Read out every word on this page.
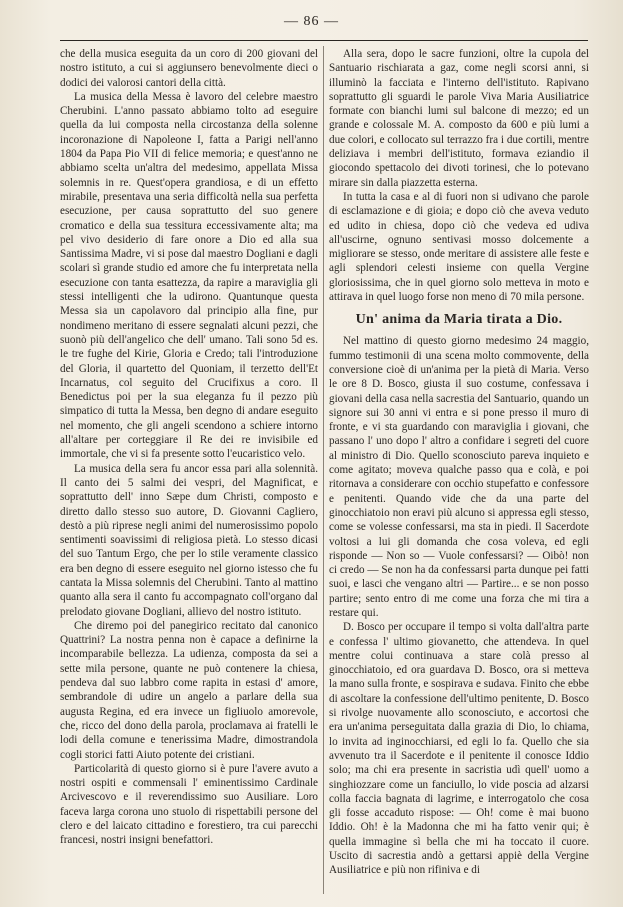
— 86 —

che della musica eseguita da un coro di 200 giovani del nostro istituto, a cui si aggiunsero benevolmente dieci o dodici dei valorosi cantori della città.

La musica della Messa è lavoro del celebre maestro Cherubini. L'anno passato abbiamo tolto ad eseguire quella da lui composta nella circostanza della solenne incoronazione di Napoleone I, fatta a Parigi nell'anno 1804 da Papa Pio VII di felice memoria; e quest'anno ne abbiamo scelta un'altra del medesimo, appellata Missa solemnis in re. Quest'opera grandiosa, e di un effetto mirabile, presentava una seria difficoltà nella sua perfetta esecuzione, per causa soprattutto del suo genere cromatico e della sua tessitura eccessivamente alta; ma pel vivo desiderio di fare onore a Dio ed alla sua Santissima Madre, vi si pose dal maestro Dogliani e dagli scolari sì grande studio ed amore che fu interpretata nella esecuzione con tanta esattezza, da rapire a maraviglia gli stessi intelligenti che la udirono. Quantunque questa Messa sia un capolavoro dal principio alla fine, pur nondimeno meritano di essere segnalati alcuni pezzi, che suonò più dell'angelico che dell' umano. Tali sono 5d es. le tre fughe del Kirie, Gloria e Credo; tali l'introduzione del Gloria, il quartetto del Quoniam, il terzetto dell'Et Incarnatus, col seguito del Crucifixus a coro. Il Benedictus poi per la sua eleganza fu il pezzo più simpatico di tutta la Messa, ben degno di andare eseguito nel momento, che gli angeli scendono a schiere intorno all'altare per corteggiare il Re dei re invisibile ed immortale, che vi si fa presente sotto l'eucaristico velo.

La musica della sera fu ancor essa pari alla solennità. Il canto dei 5 salmi dei vespri, del Magnificat, e soprattutto dell' inno Sæpe dum Christi, composto e diretto dallo stesso suo autore, D. Giovanni Cagliero, destò a più riprese negli animi del numerosissimo popolo sentimenti soavissimi di religiosa pietà. Lo stesso dicasi del suo Tantum Ergo, che per lo stile veramente classico era ben degno di essere eseguito nel giorno istesso che fu cantata la Missa solemnis del Cherubini. Tanto al mattino quanto alla sera il canto fu accompagnato coll'organo dal prelodato giovane Dogliani, allievo del nostro istituto.

Che diremo poi del panegirico recitato dal canonico Quattrini? La nostra penna non è capace a definirne la incomparabile bellezza. La udienza, composta da sei a sette mila persone, quante ne può contenere la chiesa, pendeva dal suo labbro come rapita in estasi d' amore, sembrandole di udire un angelo a parlare della sua augusta Regina, ed era invece un figliuolo amorevole, che, ricco del dono della parola, proclamava ai fratelli le lodi della comune e tenerissima Madre, dimostrandola cogli storici fatti Aiuto potente dei cristiani.

Particolarità di questo giorno si è pure l'avere avuto a nostri ospiti e commensali l' eminentissimo Cardinale Arcivescovo e il reverendissimo suo Ausiliare. Loro faceva larga corona uno stuolo di rispettabili persone del clero e del laicato cittadino e forestiero, tra cui parecchi francesi, nostri insigni benefattori.

Alla sera, dopo le sacre funzioni, oltre la cupola del Santuario rischiarata a gaz, come negli scorsi anni, si illuminò la facciata e l'interno dell'istituto. Rapivano soprattutto gli sguardi le parole Viva Maria Ausiliatrice formate con bianchi lumi sul balcone di mezzo; ed un grande e colossale M. A. composto da 600 e più lumi a due colori, e collocato sul terrazzo fra i due cortili, mentre deliziava i membri dell'istituto, formava eziandio il giocondo spettacolo dei divoti torinesi, che lo potevano mirare sin dalla piazzetta esterna.

In tutta la casa e al di fuori non si udivano che parole di esclamazione e di gioia; e dopo ciò che aveva veduto ed udito in chiesa, dopo ciò che vedeva ed udiva all'uscirne, ognuno sentivasi mosso dolcemente a migliorare se stesso, onde meritare di assistere alle feste e agli splendori celesti insieme con quella Vergine gloriosissima, che in quel giorno solo metteva in moto e attirava in quel luogo forse non meno di 70 mila persone.

Un' anima da Maria tirata a Dio.

Nel mattino di questo giorno medesimo 24 maggio, fummo testimonii di una scena molto commovente, della conversione cioè di un'anima per la pietà di Maria. Verso le ore 8 D. Bosco, giusta il suo costume, confessava i giovani della casa nella sacrestia del Santuario, quando un signore sui 30 anni vi entra e si pone presso il muro di fronte, e vi sta guardando con maraviglia i giovani, che passano l' uno dopo l' altro a confidare i segreti del cuore al ministro di Dio. Quello sconosciuto pareva inquieto e come agitato; moveva qualche passo qua e colà, e poi ritornava a considerare con occhio stupefatto e confessore e penitenti. Quando vide che da una parte del ginocchiatoio non eravi più alcuno si appressa egli stesso, come se volesse confessarsi, ma sta in piedi. Il Sacerdote voltosi a lui gli domanda che cosa voleva, ed egli risponde — Non so — Vuole confessarsi? — Oibò! non ci credo — Se non ha da confessarsi parta dunque pei fatti suoi, e lasci che vengano altri — Partire... e se non posso partire; sento entro di me come una forza che mi tira a restare qui.

D. Bosco per occupare il tempo si volta dall'altra parte e confessa l' ultimo giovanetto, che attendeva. In quel mentre colui continuava a stare colà presso al ginocchiatoio, ed ora guardava D. Bosco, ora si metteva la mano sulla fronte, e sospirava e sudava. Finito che ebbe di ascoltare la confessione dell'ultimo penitente, D. Bosco si rivolge nuovamente allo sconosciuto, e accortosi che era un'anima perseguitata dalla grazia di Dio, lo chiama, lo invita ad inginocchiarsi, ed egli lo fa. Quello che sia avvenuto tra il Sacerdote e il penitente il conosce Iddio solo; ma chi era presente in sacristia udì quell' uomo a singhiozzare come un fanciullo, lo vide poscia ad alzarsi colla faccia bagnata di lagrime, e interrogatolo che cosa gli fosse accaduto rispose: — Oh! come è mai buono Iddio. Oh! è la Madonna che mi ha fatto venir qui; è quella immagine sì bella che mi ha toccato il cuore. Uscito di sacrestia andò a gettarsi appiè della Vergine Ausiliatrice e più non rifiniva e di
